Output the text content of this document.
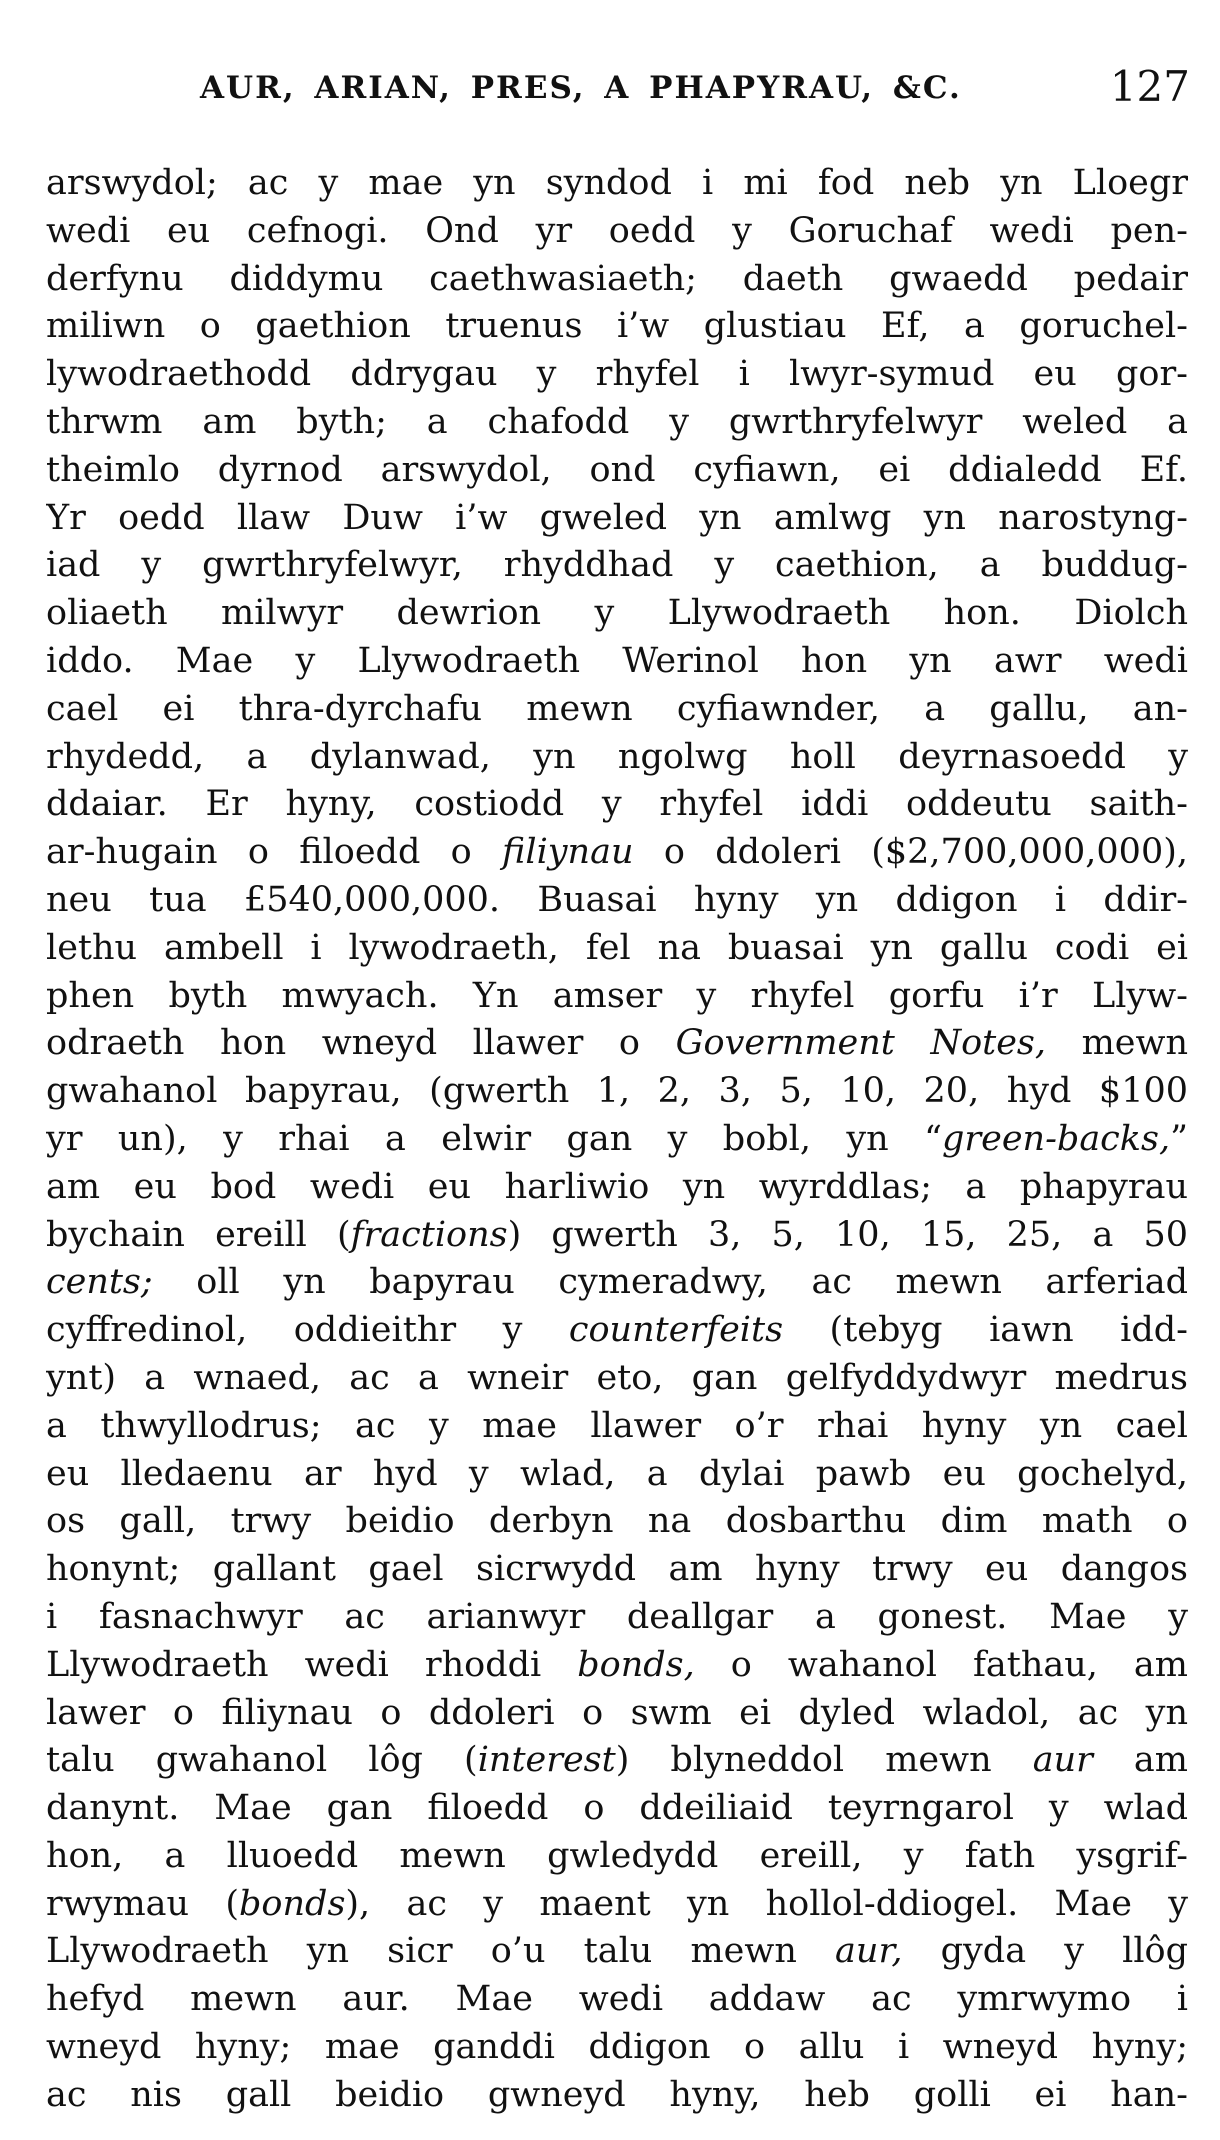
AUR, ARIAN, PRES, A PHAPYRAU, &C.	127
arswydol; ac y mae yn syndod i mi fod neb yn Lloegr
wedi eu cefnogi. Ond yr oedd y Goruchaf wedi pen-
derfynu diddymu caethwasiaeth; daeth gwaedd pedair
miliwn o gaethion truenus i’w glustiau Ef, a goruchel-
lywodraethodd ddrygau y rhyfel i lwyr-symud eu gor-
thrwm am byth; a chafodd y gwrthryfelwyr weled a
theimlo dyrnod arswydol, ond cyfiawn, ei ddialedd Ef.
Yr oedd llaw Duw i’w gweled yn amlwg yn narostyng-
iad y gwrthryfelwyr, rhyddhad y caethion, a buddug-
oliaeth milwyr dewrion y Llywodraeth hon. Diolch
iddo. Mae y Llywodraeth Werinol hon yn awr wedi
cael ei thra-dyrchafu mewn cyfiawnder, a gallu, an-
rhydedd, a dylanwad, yn ngolwg holl deyrnasoedd y
ddaiar. Er hyny, costiodd y rhyfel iddi oddeutu saith-
ar-hugain o filoedd o filiynau o ddoleri ($2,700,000,000),
neu tua £540,000,000. Buasai hyny yn ddigon i ddir-
lethu ambell i lywodraeth, fel na buasai yn gallu codi ei
phen byth mwyach. Yn amser y rhyfel gorfu i’r Llyw-
odraeth hon wneyd llawer o Government Notes, mewn
gwahanol bapyrau, (gwerth 1, 2, 3, 5, 10, 20, hyd $100
yr un), y rhai a elwir gan y bobl, yn “green-backs,”
am eu bod wedi eu harliwio yn wyrddlas; a phapyrau
bychain ereill (fractions) gwerth 3, 5, 10, 15, 25, a 50
cents; oll yn bapyrau cymeradwy, ac mewn arferiad
cyffredinol, oddieithr y counterfeits (tebyg iawn idd-
ynt) a wnaed, ac a wneir eto, gan gelfyddydwyr medrus
a thwyllodrus; ac y mae llawer o’r rhai hyny yn cael
eu lledaenu ar hyd y wlad, a dylai pawb eu gochelyd,
os gall, trwy beidio derbyn na dosbarthu dim math o
honynt; gallant gael sicrwydd am hyny trwy eu dangos
i fasnachwyr ac arianwyr deallgar a gonest. Mae y
Llywodraeth wedi rhoddi bonds, o wahanol fathau, am
lawer o filiynau o ddoleri o swm ei dyled wladol, ac yn
talu gwahanol lôg (interest) blyneddol mewn aur am
danynt. Mae gan filoedd o ddeiliaid teyrngarol y wlad
hon, a lluoedd mewn gwledydd ereill, y fath ysgrif-
rwymau (bonds), ac y maent yn hollol-ddiogel. Mae y
Llywodraeth yn sicr o’u talu mewn aur, gyda y llôg
hefyd mewn aur. Mae wedi addaw ac ymrwymo i
wneyd hyny; mae ganddi ddigon o allu i wneyd hyny;
ac nis gall beidio gwneyd hyny, heb golli ei han-
